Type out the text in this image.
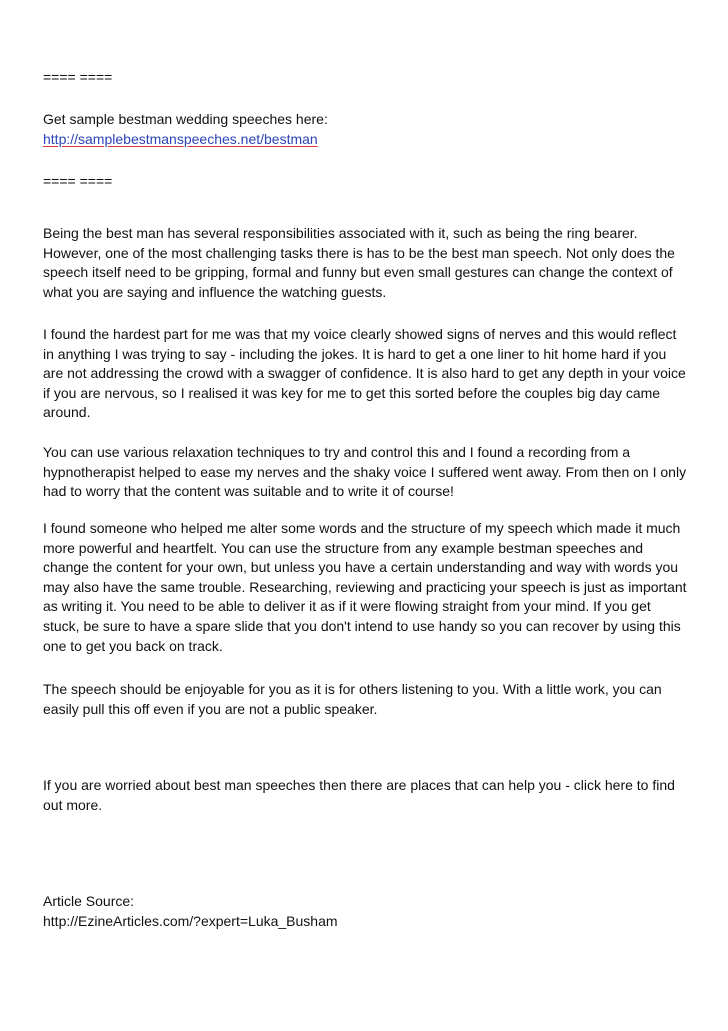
==== ====
Get sample bestman wedding speeches here:
http://samplebestmanspeeches.net/bestman
==== ====

Being the best man has several responsibilities associated with it, such as being the ring bearer. However, one of the most challenging tasks there is has to be the best man speech. Not only does the speech itself need to be gripping, formal and funny but even small gestures can change the context of what you are saying and influence the watching guests.

I found the hardest part for me was that my voice clearly showed signs of nerves and this would reflect in anything I was trying to say - including the jokes. It is hard to get a one liner to hit home hard if you are not addressing the crowd with a swagger of confidence. It is also hard to get any depth in your voice if you are nervous, so I realised it was key for me to get this sorted before the couples big day came around.

You can use various relaxation techniques to try and control this and I found a recording from a hypnotherapist helped to ease my nerves and the shaky voice I suffered went away. From then on I only had to worry that the content was suitable and to write it of course!

I found someone who helped me alter some words and the structure of my speech which made it much more powerful and heartfelt. You can use the structure from any example bestman speeches and change the content for your own, but unless you have a certain understanding and way with words you may also have the same trouble. Researching, reviewing and practicing your speech is just as important as writing it. You need to be able to deliver it as if it were flowing straight from your mind. If you get stuck, be sure to have a spare slide that you don't intend to use handy so you can recover by using this one to get you back on track.

The speech should be enjoyable for you as it is for others listening to you. With a little work, you can easily pull this off even if you are not a public speaker.

If you are worried about best man speeches then there are places that can help you - click here to find out more.

Article Source:
http://EzineArticles.com/?expert=Luka_Busham
